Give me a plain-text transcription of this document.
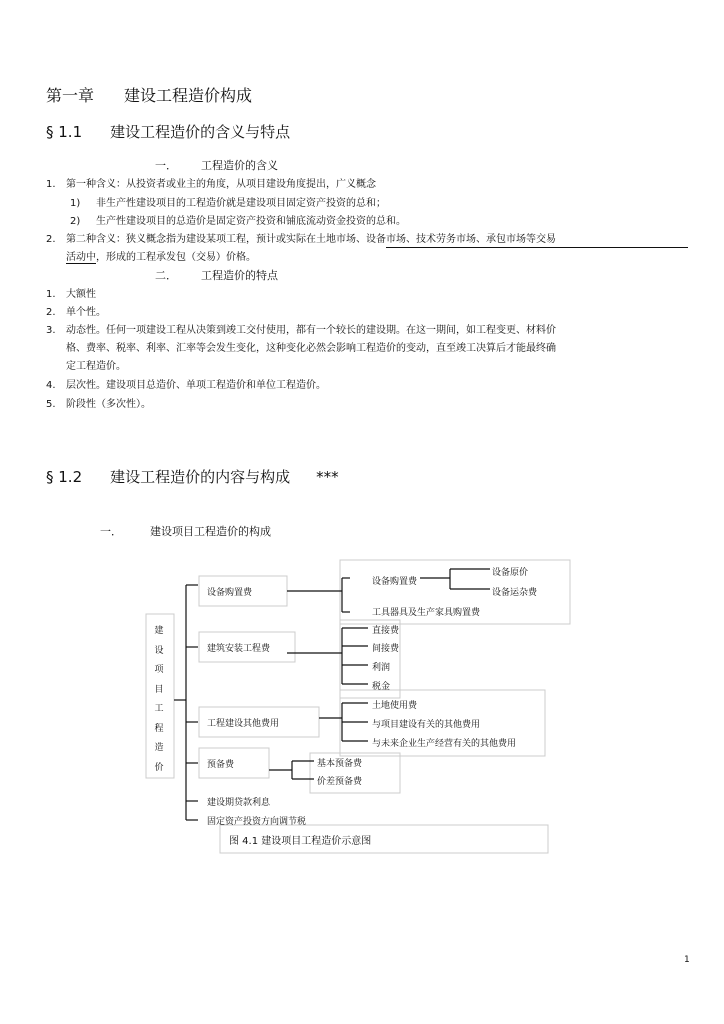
第一章 建设工程造价构成
§ 1.1 建设工程造价的含义与特点
一． 工程造价的含义
1. 第一种含义：从投资者或业主的角度，从项目建设角度提出，广义概念
1) 非生产性建设项目的工程造价就是建设项目固定资产投资的总和；
2) 生产性建设项目的总造价是固定资产投资和铺底流动资金投资的总和。
2. 第二种含义：狭义概念指为建设某项工程，预计或实际在土地市场、设备市场、技术劳务市场、承包市场等交易
活动中，形成的工程承发包（交易）价格。
二． 工程造价的特点
1. 大额性
2. 单个性。
3. 动态性。任何一项建设工程从决策到竣工交付使用，都有一个较长的建设期。在这一期间，如工程变更、材料价
格、费率、税率、利率、汇率等会发生变化，这种变化必然会影响工程造价的变动，直至竣工决算后才能最终确
定工程造价。
4. 层次性。建设项目总造价、单项工程造价和单位工程造价。
5. 阶段性（多次性）。
§ 1.2 建设工程造价的内容与构成 ***
一．	建设项目工程造价的构成
建
设
项
目
工
程
造
价
设备购置费
建筑安装工程费
工程建设其他费用
预备费
建设期贷款利息
固定资产投资方向调节税
设备购置费
设备原价
设备运杂费
工具器具及生产家具购置费
直接费
间接费
利润
税金
土地使用费
与项目建设有关的其他费用
与未来企业生产经营有关的其他费用
基本预备费
价差预备费
图 4.1 建设项目工程造价示意图
1
